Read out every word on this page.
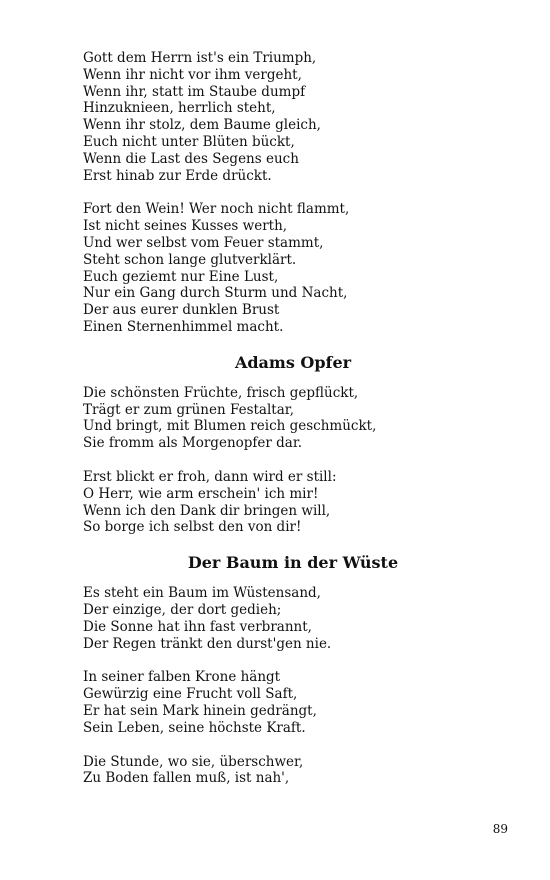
Gott dem Herrn ist's ein Triumph,
Wenn ihr nicht vor ihm vergeht,
Wenn ihr, statt im Staube dumpf
Hinzuknieen, herrlich steht,
Wenn ihr stolz, dem Baume gleich,
Euch nicht unter Blüten bückt,
Wenn die Last des Segens euch
Erst hinab zur Erde drückt.
Fort den Wein! Wer noch nicht flammt,
Ist nicht seines Kusses werth,
Und wer selbst vom Feuer stammt,
Steht schon lange glutverklärt.
Euch geziemt nur Eine Lust,
Nur ein Gang durch Sturm und Nacht,
Der aus eurer dunklen Brust
Einen Sternenhimmel macht.
Adams Opfer
Die schönsten Früchte, frisch gepflückt,
Trägt er zum grünen Festaltar,
Und bringt, mit Blumen reich geschmückt,
Sie fromm als Morgenopfer dar.
Erst blickt er froh, dann wird er still:
O Herr, wie arm erschein' ich mir!
Wenn ich den Dank dir bringen will,
So borge ich selbst den von dir!
Der Baum in der Wüste
Es steht ein Baum im Wüstensand,
Der einzige, der dort gedieh;
Die Sonne hat ihn fast verbrannt,
Der Regen tränkt den durst'gen nie.
In seiner falben Krone hängt
Gewürzig eine Frucht voll Saft,
Er hat sein Mark hinein gedrängt,
Sein Leben, seine höchste Kraft.
Die Stunde, wo sie, überschwer,
Zu Boden fallen muß, ist nah',
89
